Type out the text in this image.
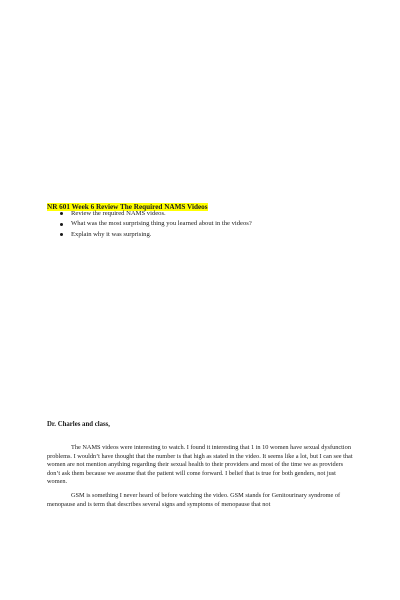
NR 601 Week 6 Review The Required NAMS Videos
Review the required NAMS videos.
What was the most surprising thing you learned about in the videos?
Explain why it was surprising.
Dr. Charles and class,

The NAMS videos were interesting to watch. I found it interesting that 1 in 10 women have sexual dysfunction problems. I wouldn’t have thought that the number is that high as stated in the video. It seems like a lot, but I can see that women are not mention anything regarding their sexual health to their providers and most of the time we as providers don’t ask them because we assume that the patient will come forward. I belief that is true for both genders, not just women.

GSM is something I never heard of before watching the video. GSM stands for Genitourinary syndrome of menopause and is term that describes several signs and symptoms of menopause that not
